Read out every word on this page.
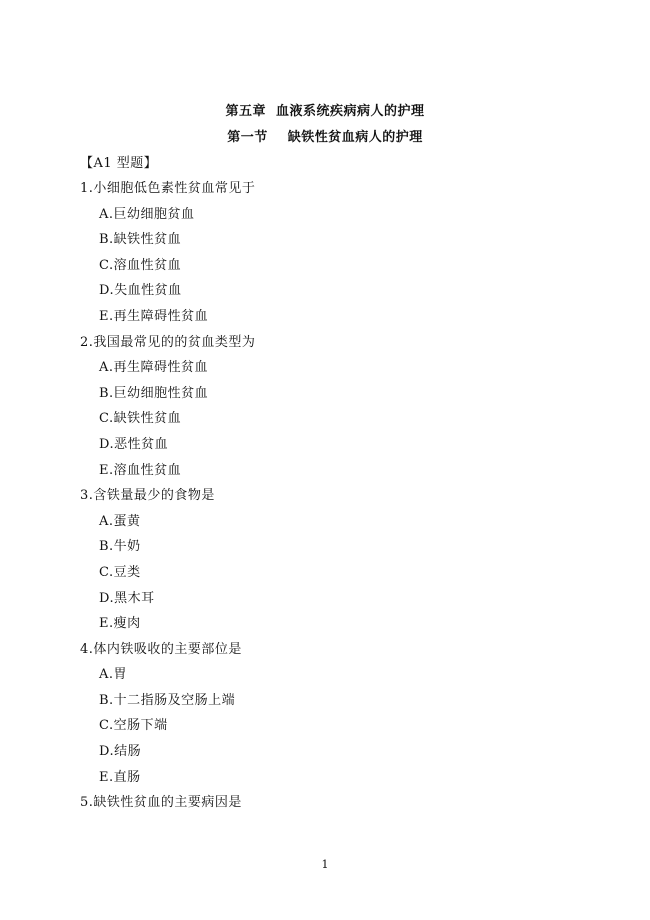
第五章  血液系统疾病病人的护理
第一节    缺铁性贫血病人的护理
【A1 型题】
1.小细胞低色素性贫血常见于
A.巨幼细胞贫血
B.缺铁性贫血
C.溶血性贫血
D.失血性贫血
E.再生障碍性贫血
2.我国最常见的的贫血类型为
A.再生障碍性贫血
B.巨幼细胞性贫血
C.缺铁性贫血
D.恶性贫血
E.溶血性贫血
3.含铁量最少的食物是
A.蛋黄
B.牛奶
C.豆类
D.黑木耳
E.瘦肉
4.体内铁吸收的主要部位是
A.胃
B.十二指肠及空肠上端
C.空肠下端
D.结肠
E.直肠
5.缺铁性贫血的主要病因是
1
